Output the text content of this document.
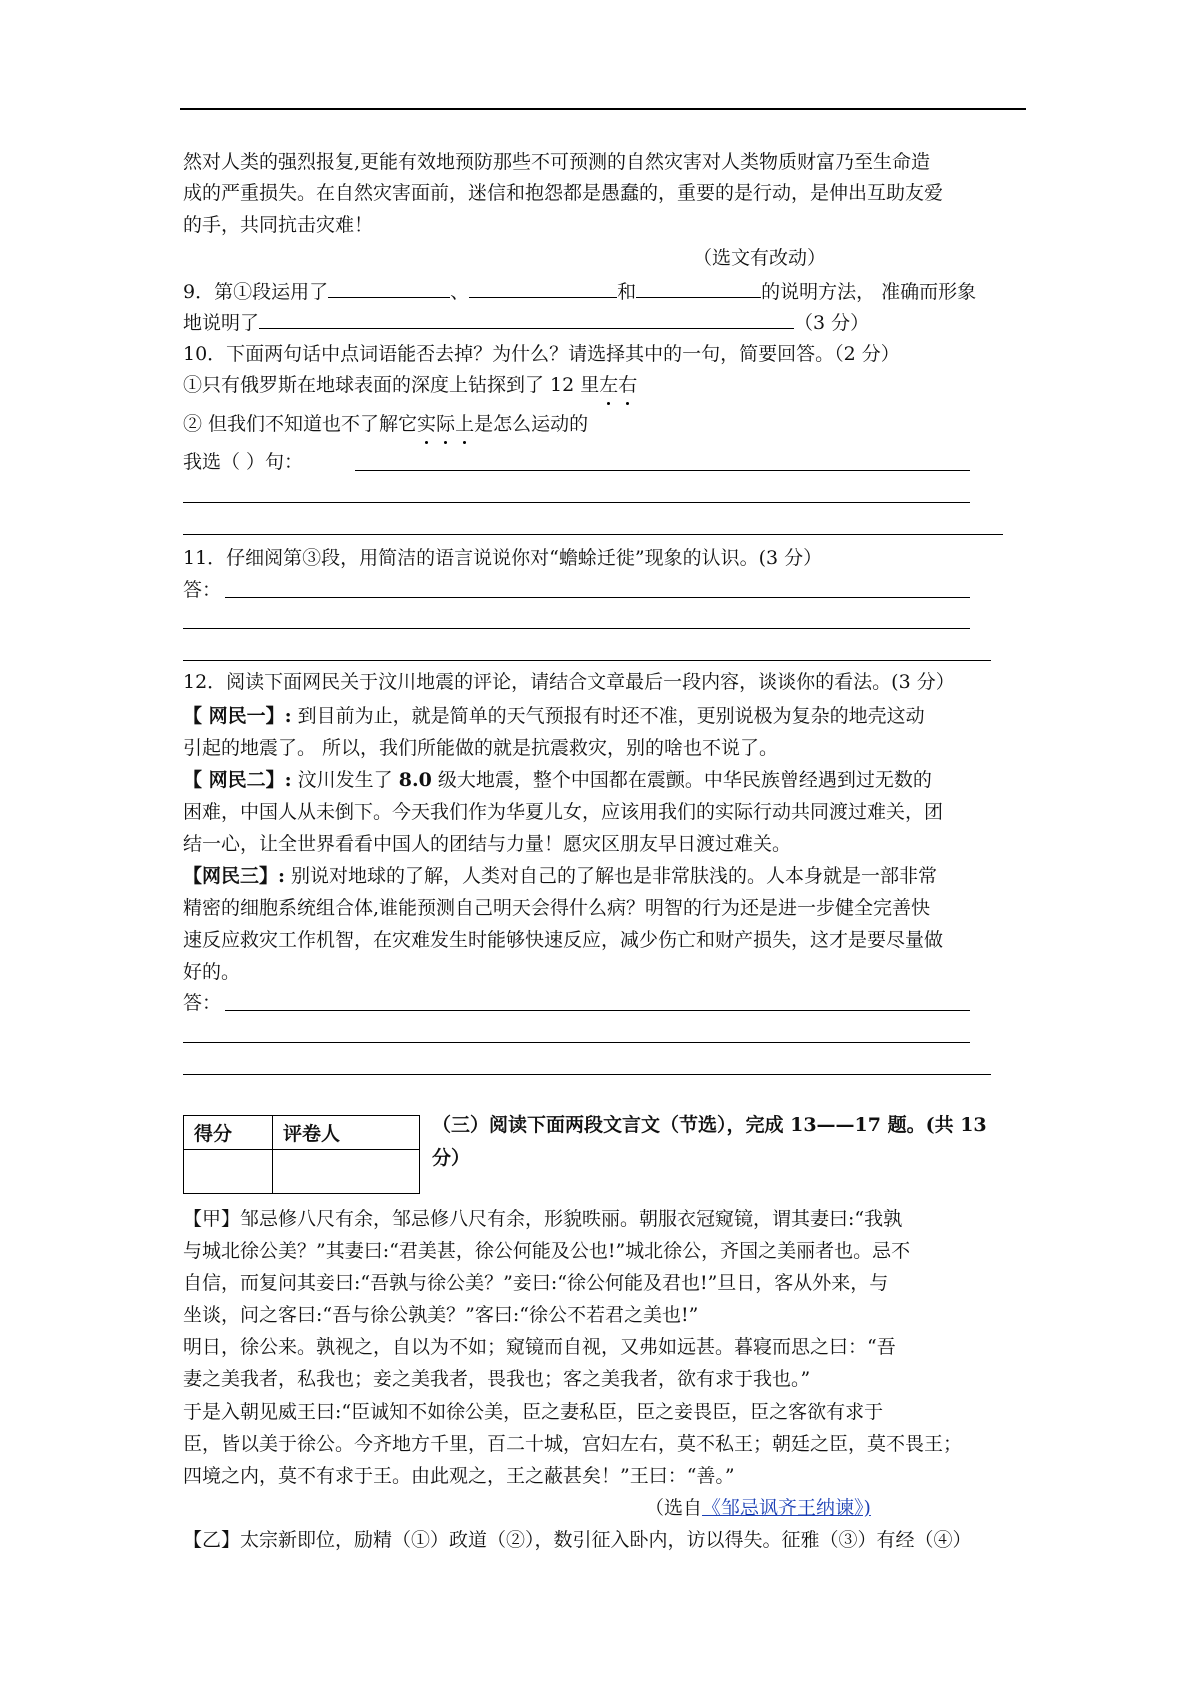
然对人类的强烈报复,更能有效地预防那些不可预测的自然灾害对人类物质财富乃至生命造
成的严重损失。在自然灾害面前，迷信和抱怨都是愚蠢的，重要的是行动，是伸出互助友爱
的手，共同抗击灾难！
（选文有改动）
9．第①段运用了	、	和	的说明方法， 准确而形象
地说明了	（3 分）
10．下面两句话中点词语能否去掉？为什么？请选择其中的一句，简要回答。（2 分）
①只有俄罗斯在地球表面的深度上钻探到了 12 里左右
② 但我们不知道也不了解它实际上是怎么运动的
我选（ ）句：
11．仔细阅第③段，用简洁的语言说说你对“蟾蜍迁徙”现象的认识。(3 分）
答：
12．阅读下面网民关于汶川地震的评论，请结合文章最后一段内容，谈谈你的看法。(3 分）
【 网民一】: 到目前为止，就是简单的天气预报有时还不准，更别说极为复杂的地壳这动
引起的地震了。 所以，我们所能做的就是抗震救灾，别的啥也不说了。
【 网民二】: 汶川发生了 8.0 级大地震，整个中国都在震颤。中华民族曾经遇到过无数的
困难，中国人从未倒下。今天我们作为华夏儿女，应该用我们的实际行动共同渡过难关，团
结一心，让全世界看看中国人的团结与力量！愿灾区朋友早日渡过难关。
【网民三】: 别说对地球的了解，人类对自己的了解也是非常肤浅的。人本身就是一部非常
精密的细胞系统组合体,谁能预测自己明天会得什么病？明智的行为还是进一步健全完善快
速反应救灾工作机智，在灾难发生时能够快速反应，减少伤亡和财产损失，这才是要尽量做
好的。
答：
得分	评卷人
		（三）阅读下面两段文言文（节选），完成 13——17 题。(共 13
分）
【甲】邹忌修八尺有余，邹忌修八尺有余，形貌昳丽。朝服衣冠窥镜，谓其妻曰:“我孰
与城北徐公美？”其妻曰:“君美甚，徐公何能及公也!”城北徐公，齐国之美丽者也。忌不
自信，而复问其妾曰:“吾孰与徐公美？”妾曰:“徐公何能及君也!”旦日，客从外来，与
坐谈，问之客曰:“吾与徐公孰美？”客曰:“徐公不若君之美也!”
明日，徐公来。孰视之，自以为不如；窥镜而自视，又弗如远甚。暮寝而思之曰：“吾
妻之美我者，私我也；妾之美我者，畏我也；客之美我者，欲有求于我也。”
于是入朝见威王曰:“臣诚知不如徐公美，臣之妻私臣，臣之妾畏臣，臣之客欲有求于
臣，皆以美于徐公。今齐地方千里，百二十城，宫妇左右，莫不私王；朝廷之臣，莫不畏王；
四境之内，莫不有求于王。由此观之，王之蔽甚矣！”王曰：“善。”
（选自《邹忌讽齐王纳谏》)
【乙】太宗新即位，励精（①）政道（②），数引征入卧内，访以得失。征雅（③）有经（④）
